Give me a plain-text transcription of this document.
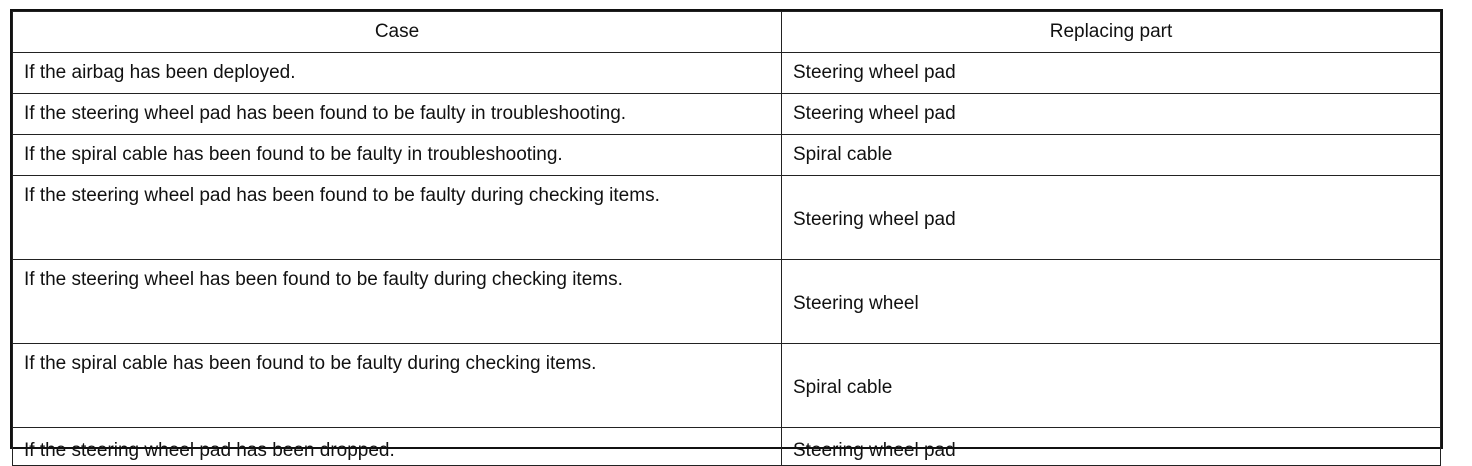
Case	Replacing part
If the airbag has been deployed.	Steering wheel pad
If the steering wheel pad has been found to be faulty in troubleshooting.	Steering wheel pad
If the spiral cable has been found to be faulty in troubleshooting.	Spiral cable
If the steering wheel pad has been found to be faulty during checking items.	Steering wheel pad
If the steering wheel has been found to be faulty during checking items.	Steering wheel
If the spiral cable has been found to be faulty during checking items.	Spiral cable
If the steering wheel pad has been dropped.	Steering wheel pad
